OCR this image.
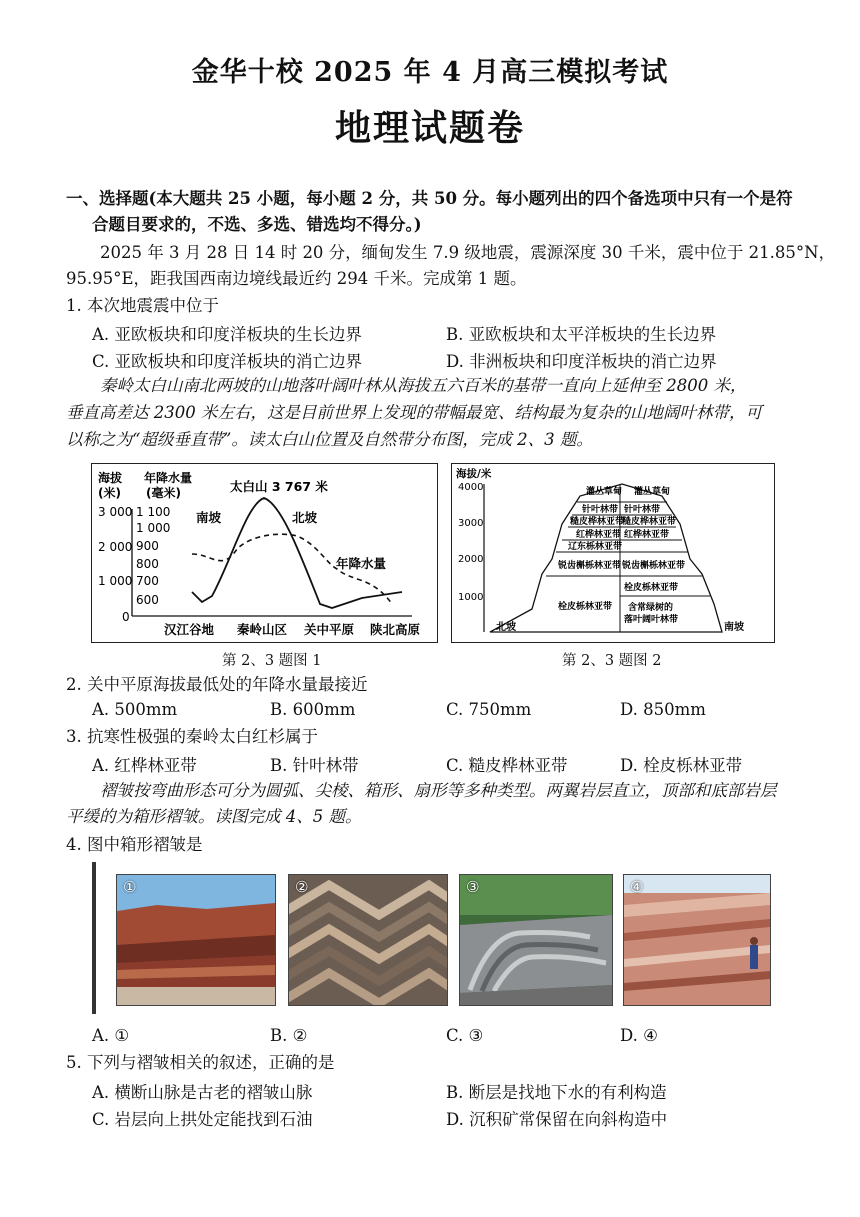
金华十校 2025 年 4 月高三模拟考试
地理试题卷
一、选择题(本大题共 25 小题，每小题 2 分，共 50 分。每小题列出的四个备选项中只有一个是符
合题目要求的，不选、多选、错选均不得分。)
2025 年 3 月 28 日 14 时 20 分，缅甸发生 7.9 级地震，震源深度 30 千米，震中位于 21.85°N，
95.95°E，距我国西南边境线最近约 294 千米。完成第 1 题。
1. 本次地震震中位于
A. 亚欧板块和印度洋板块的生长边界	B. 亚欧板块和太平洋板块的生长边界
C. 亚欧板块和印度洋板块的消亡边界	D. 非洲板块和印度洋板块的消亡边界
秦岭太白山南北两坡的山地落叶阔叶林从海拔五六百米的基带一直向上延伸至 2800 米，
垂直高差达 2300 米左右，这是目前世界上发现的带幅最宽、结构最为复杂的山地阔叶林带，可
以称之为“超级垂直带”。读太白山位置及自然带分布图，完成 2、3 题。
海拔
(米)
年降水量
(毫米)
3 000
2 000
1 000
0
1 100
1 000
900
800
700
600
太白山 3 767 米
南坡	北坡
年降水量
汉江谷地 秦岭山区 关中平原 陕北高原
第 2、3 题图 1
海拔/米
4000
3000
2000
1000
灌丛草甸
针叶林带
糙皮桦林亚带
红桦林亚带
辽东栎林亚带
锐齿槲栎林亚带
栓皮栎林亚带
灌丛草甸
针叶林带
糙皮桦林亚带
红桦林亚带
锐齿槲栎林亚带
栓皮栎林亚带
含常绿树的
落叶阔叶林带
北坡	南坡
第 2、3 题图 2
2. 关中平原海拔最低处的年降水量最接近
A. 500mm	B. 600mm	C. 750mm	D. 850mm
3. 抗寒性极强的秦岭太白红杉属于
A. 红桦林亚带	B. 针叶林带	C. 糙皮桦林亚带	D. 栓皮栎林亚带
褶皱按弯曲形态可分为圆弧、尖棱、箱形、扇形等多种类型。两翼岩层直立，顶部和底部岩层
平缓的为箱形褶皱。读图完成 4、5 题。
4. 图中箱形褶皱是
①	②	③	④
A. ①	B. ②	C. ③	D. ④
5. 下列与褶皱相关的叙述，正确的是
A. 横断山脉是古老的褶皱山脉	B. 断层是找地下水的有利构造
C. 岩层向上拱处定能找到石油	D. 沉积矿常保留在向斜构造中
